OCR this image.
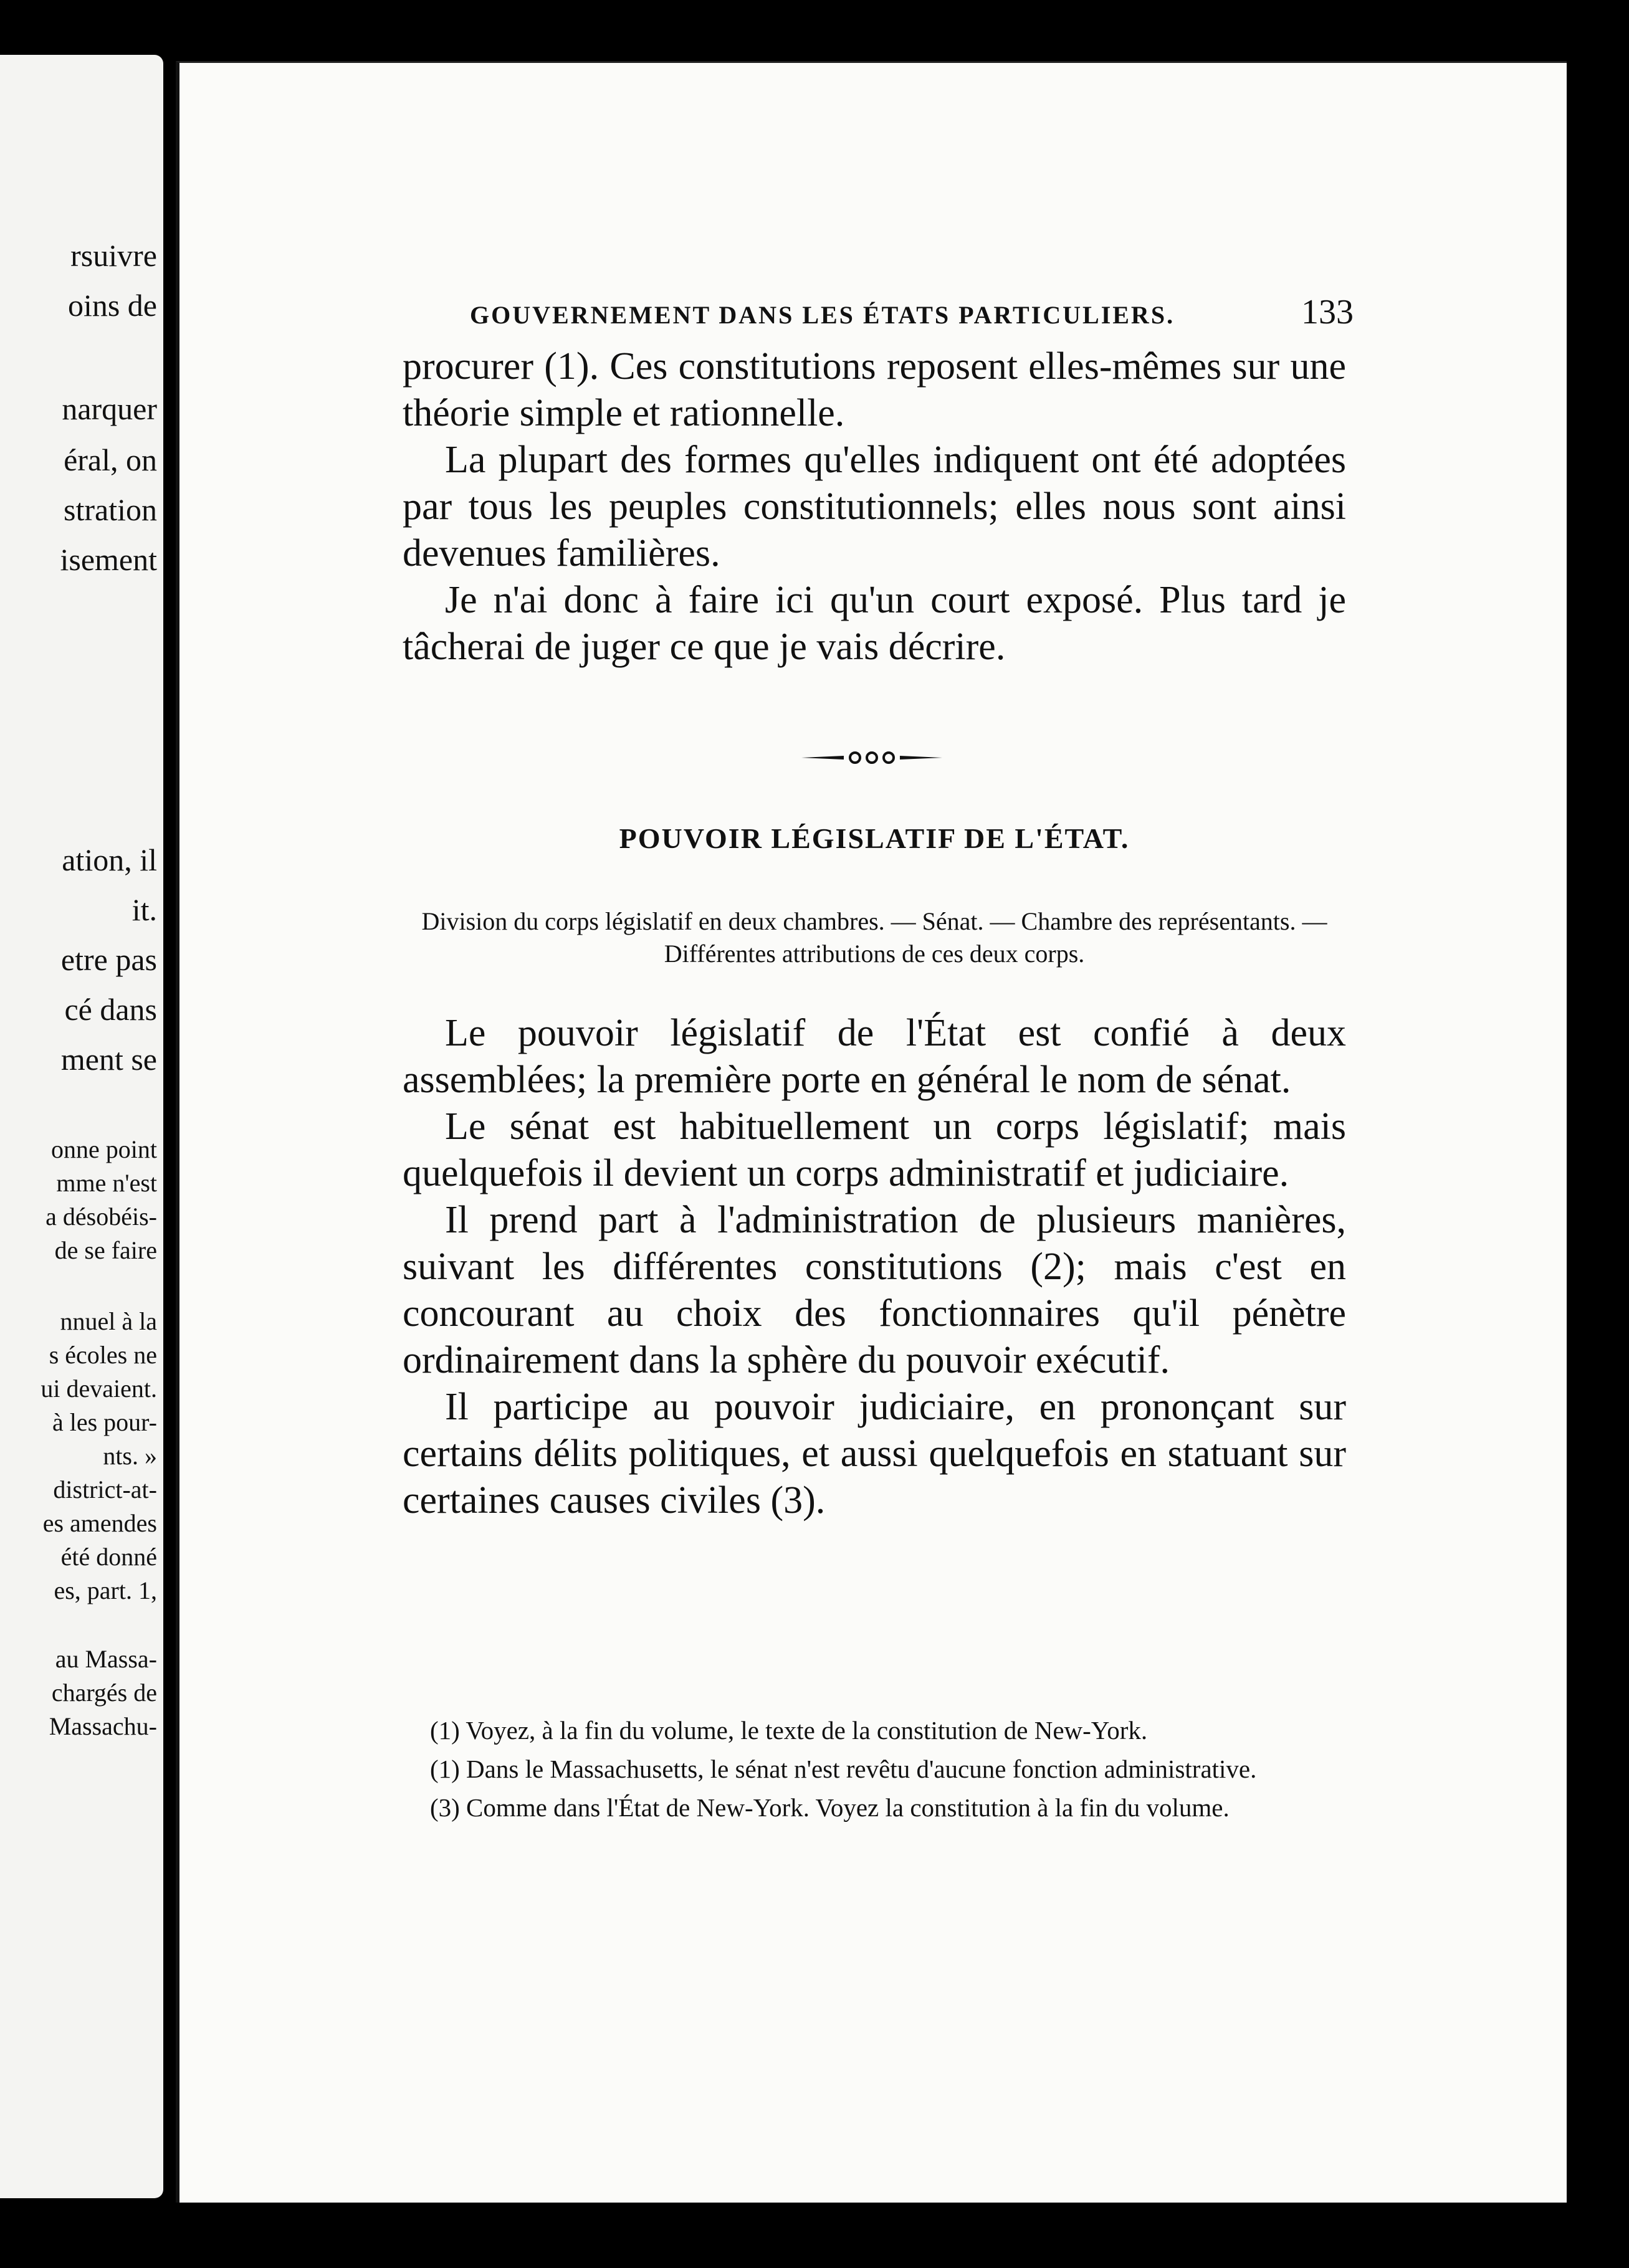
rsuivre
oins de
narquer
éral, on
stration
isement
ation, il
it.
etre pas
cé dans
ment se
onne point
mme n'est
a désobéis-
de se faire
nnuel à la
s écoles ne
ui devaient.
à les pour-
nts. »
district-at-
es amendes
été donné
es, part. 1,
au Massa-
chargés de
Massachu-
GOUVERNEMENT DANS LES ÉTATS PARTICULIERS.	133

procurer (1). Ces constitutions reposent elles-mêmes sur une théorie simple et rationnelle.

La plupart des formes qu'elles indiquent ont été adoptées par tous les peuples constitutionnels; elles nous sont ainsi devenues familières.

Je n'ai donc à faire ici qu'un court exposé. Plus tard je tâcherai de juger ce que je vais décrire.

POUVOIR LÉGISLATIF DE L'ÉTAT.
Division du corps législatif en deux chambres. — Sénat. — Chambre des représentants. — Différentes attributions de ces deux corps.

Le pouvoir législatif de l'État est confié à deux assemblées; la première porte en général le nom de sénat.

Le sénat est habituellement un corps législatif; mais quelquefois il devient un corps administratif et judiciaire.

Il prend part à l'administration de plusieurs manières, suivant les différentes constitutions (2); mais c'est en concourant au choix des fonctionnaires qu'il pénètre ordinairement dans la sphère du pouvoir exécutif.

Il participe au pouvoir judiciaire, en prononçant sur certains délits politiques, et aussi quelquefois en statuant sur certaines causes civiles (3).

(1) Voyez, à la fin du volume, le texte de la constitution de New-York.

(1) Dans le Massachusetts, le sénat n'est revêtu d'aucune fonction administrative.

(3) Comme dans l'État de New-York. Voyez la constitution à la fin du volume.
